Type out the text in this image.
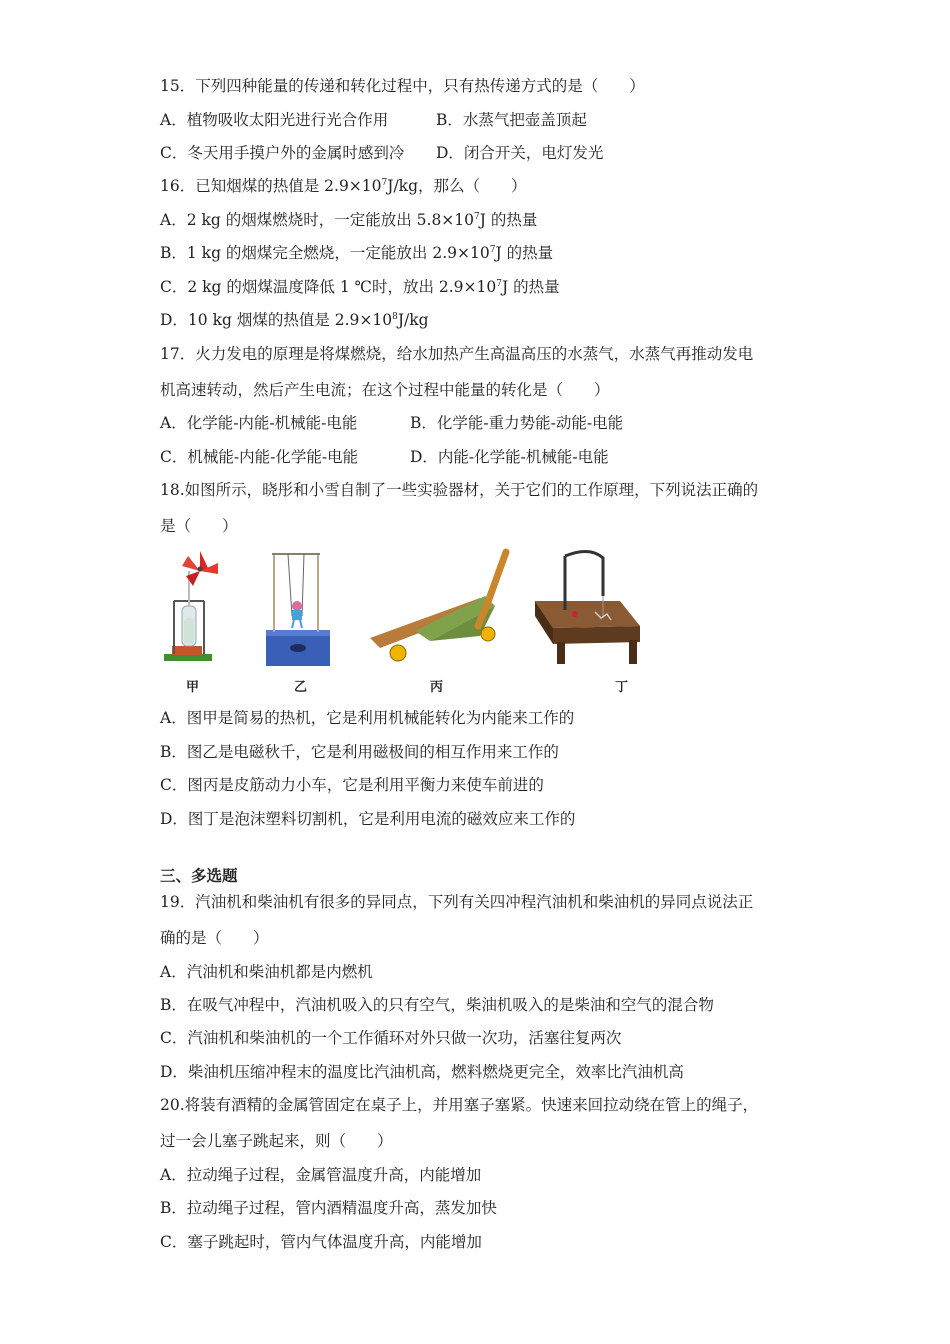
15．下列四种能量的传递和转化过程中，只有热传递方式的是（　　）
A．植物吸收太阳光进行光合作用	B．水蒸气把壶盖顶起
C．冬天用手摸户外的金属时感到冷 D．闭合开关，电灯发光
16．已知烟煤的热值是 $2.9\times 10^7J/kg$，那么（　　）
A．2 kg 的烟煤燃烧时，一定能放出 $5.8\times 10^7J$ 的热量
B．1 kg 的烟煤完全燃烧，一定能放出 $2.9\times 10^7J$ 的热量
C．2 kg 的烟煤温度降低 1 ℃时，放出 $2.9\times 10^7J$ 的热量
D．10 kg 烟煤的热值是 $2.9\times 10^8J/kg$
17．火力发电的原理是将煤燃烧，给水加热产生高温高压的水蒸气，水蒸气再推动发电
机高速转动，然后产生电流；在这个过程中能量的转化是（　　）
A．化学能-内能-机械能-电能	B．化学能-重力势能-动能-电能
C．机械能-内能-化学能-电能	D．内能-化学能-机械能-电能
18.如图所示，晓彤和小雪自制了一些实验器材，关于它们的工作原理，下列说法正确的
是（　　）
甲	乙	丙	丁
A．图甲是简易的热机，它是利用机械能转化为内能来工作的
B．图乙是电磁秋千，它是利用磁极间的相互作用来工作的
C．图丙是皮筋动力小车，它是利用平衡力来使车前进的
D．图丁是泡沫塑料切割机，它是利用电流的磁效应来工作的
三、多选题
19．汽油机和柴油机有很多的异同点，下列有关四冲程汽油机和柴油机的异同点说法正
确的是（　　）
A．汽油机和柴油机都是内燃机
B．在吸气冲程中，汽油机吸入的只有空气，柴油机吸入的是柴油和空气的混合物
C．汽油机和柴油机的一个工作循环对外只做一次功，活塞往复两次
D．柴油机压缩冲程末的温度比汽油机高，燃料燃烧更完全，效率比汽油机高
20.将装有酒精的金属管固定在桌子上，并用塞子塞紧。快速来回拉动绕在管上的绳子，
过一会儿塞子跳起来，则（　　）
A．拉动绳子过程，金属管温度升高，内能增加
B．拉动绳子过程，管内酒精温度升高，蒸发加快
C．塞子跳起时，管内气体温度升高，内能增加
